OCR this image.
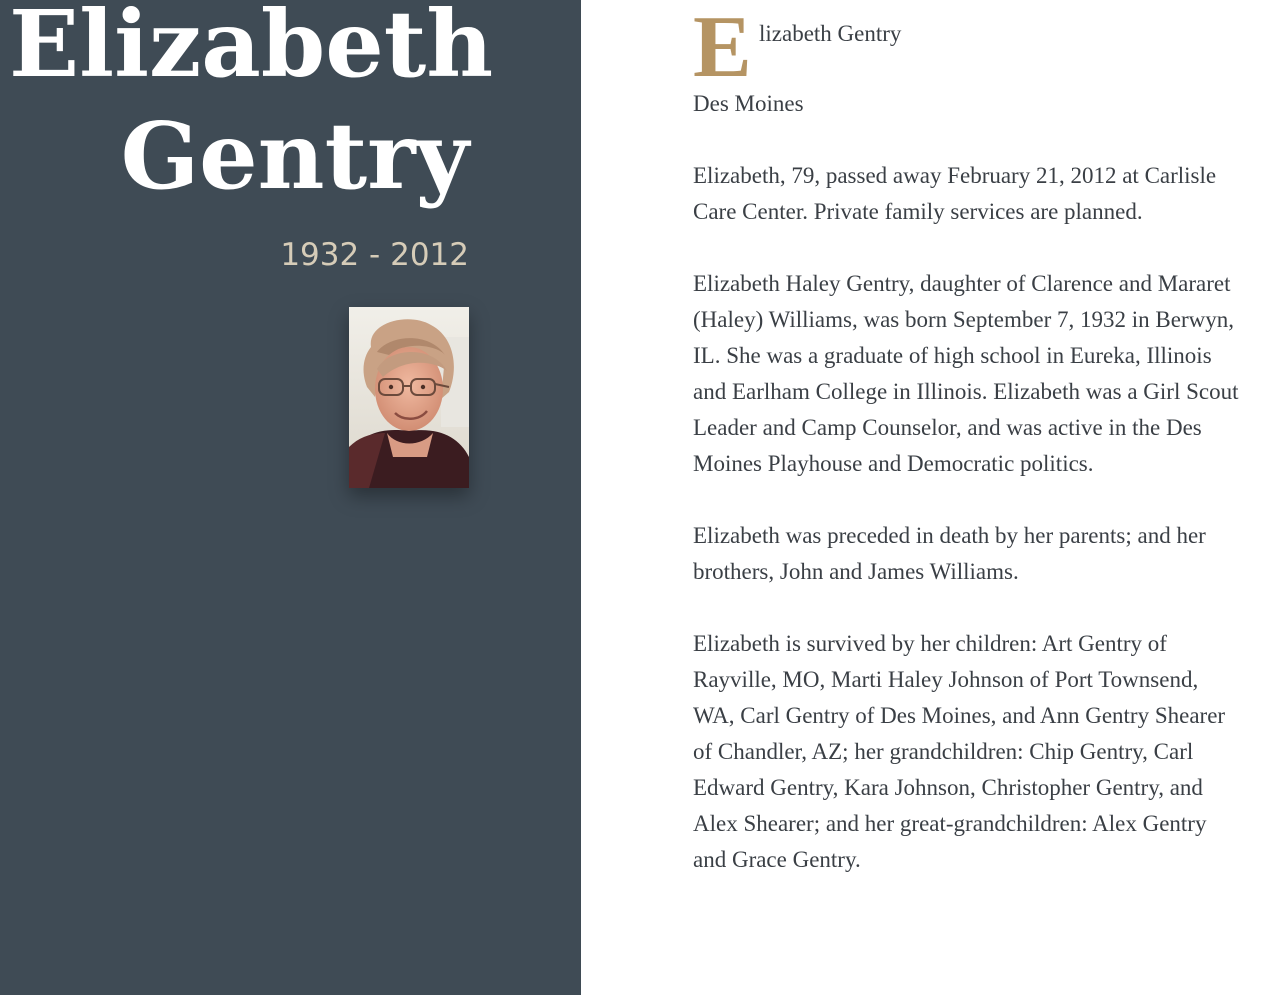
Elizabeth
Gentry
1932 - 2012
E lizabeth Gentry

Des Moines

Elizabeth, 79, passed away February 21, 2012 at Carlisle Care Center. Private family services are planned.

Elizabeth Haley Gentry, daughter of Clarence and Mararet (Haley) Williams, was born September 7, 1932 in Berwyn, IL. She was a graduate of high school in Eureka, Illinois and Earlham College in Illinois. Elizabeth was a Girl Scout Leader and Camp Counselor, and was active in the Des Moines Playhouse and Democratic politics.

Elizabeth was preceded in death by her parents; and her brothers, John and James Williams.

Elizabeth is survived by her children: Art Gentry of Rayville, MO, Marti Haley Johnson of Port Townsend, WA, Carl Gentry of Des Moines, and Ann Gentry Shearer of Chandler, AZ; her grandchildren: Chip Gentry, Carl Edward Gentry, Kara Johnson, Christopher Gentry, and Alex Shearer; and her great-grandchildren: Alex Gentry and Grace Gentry.
